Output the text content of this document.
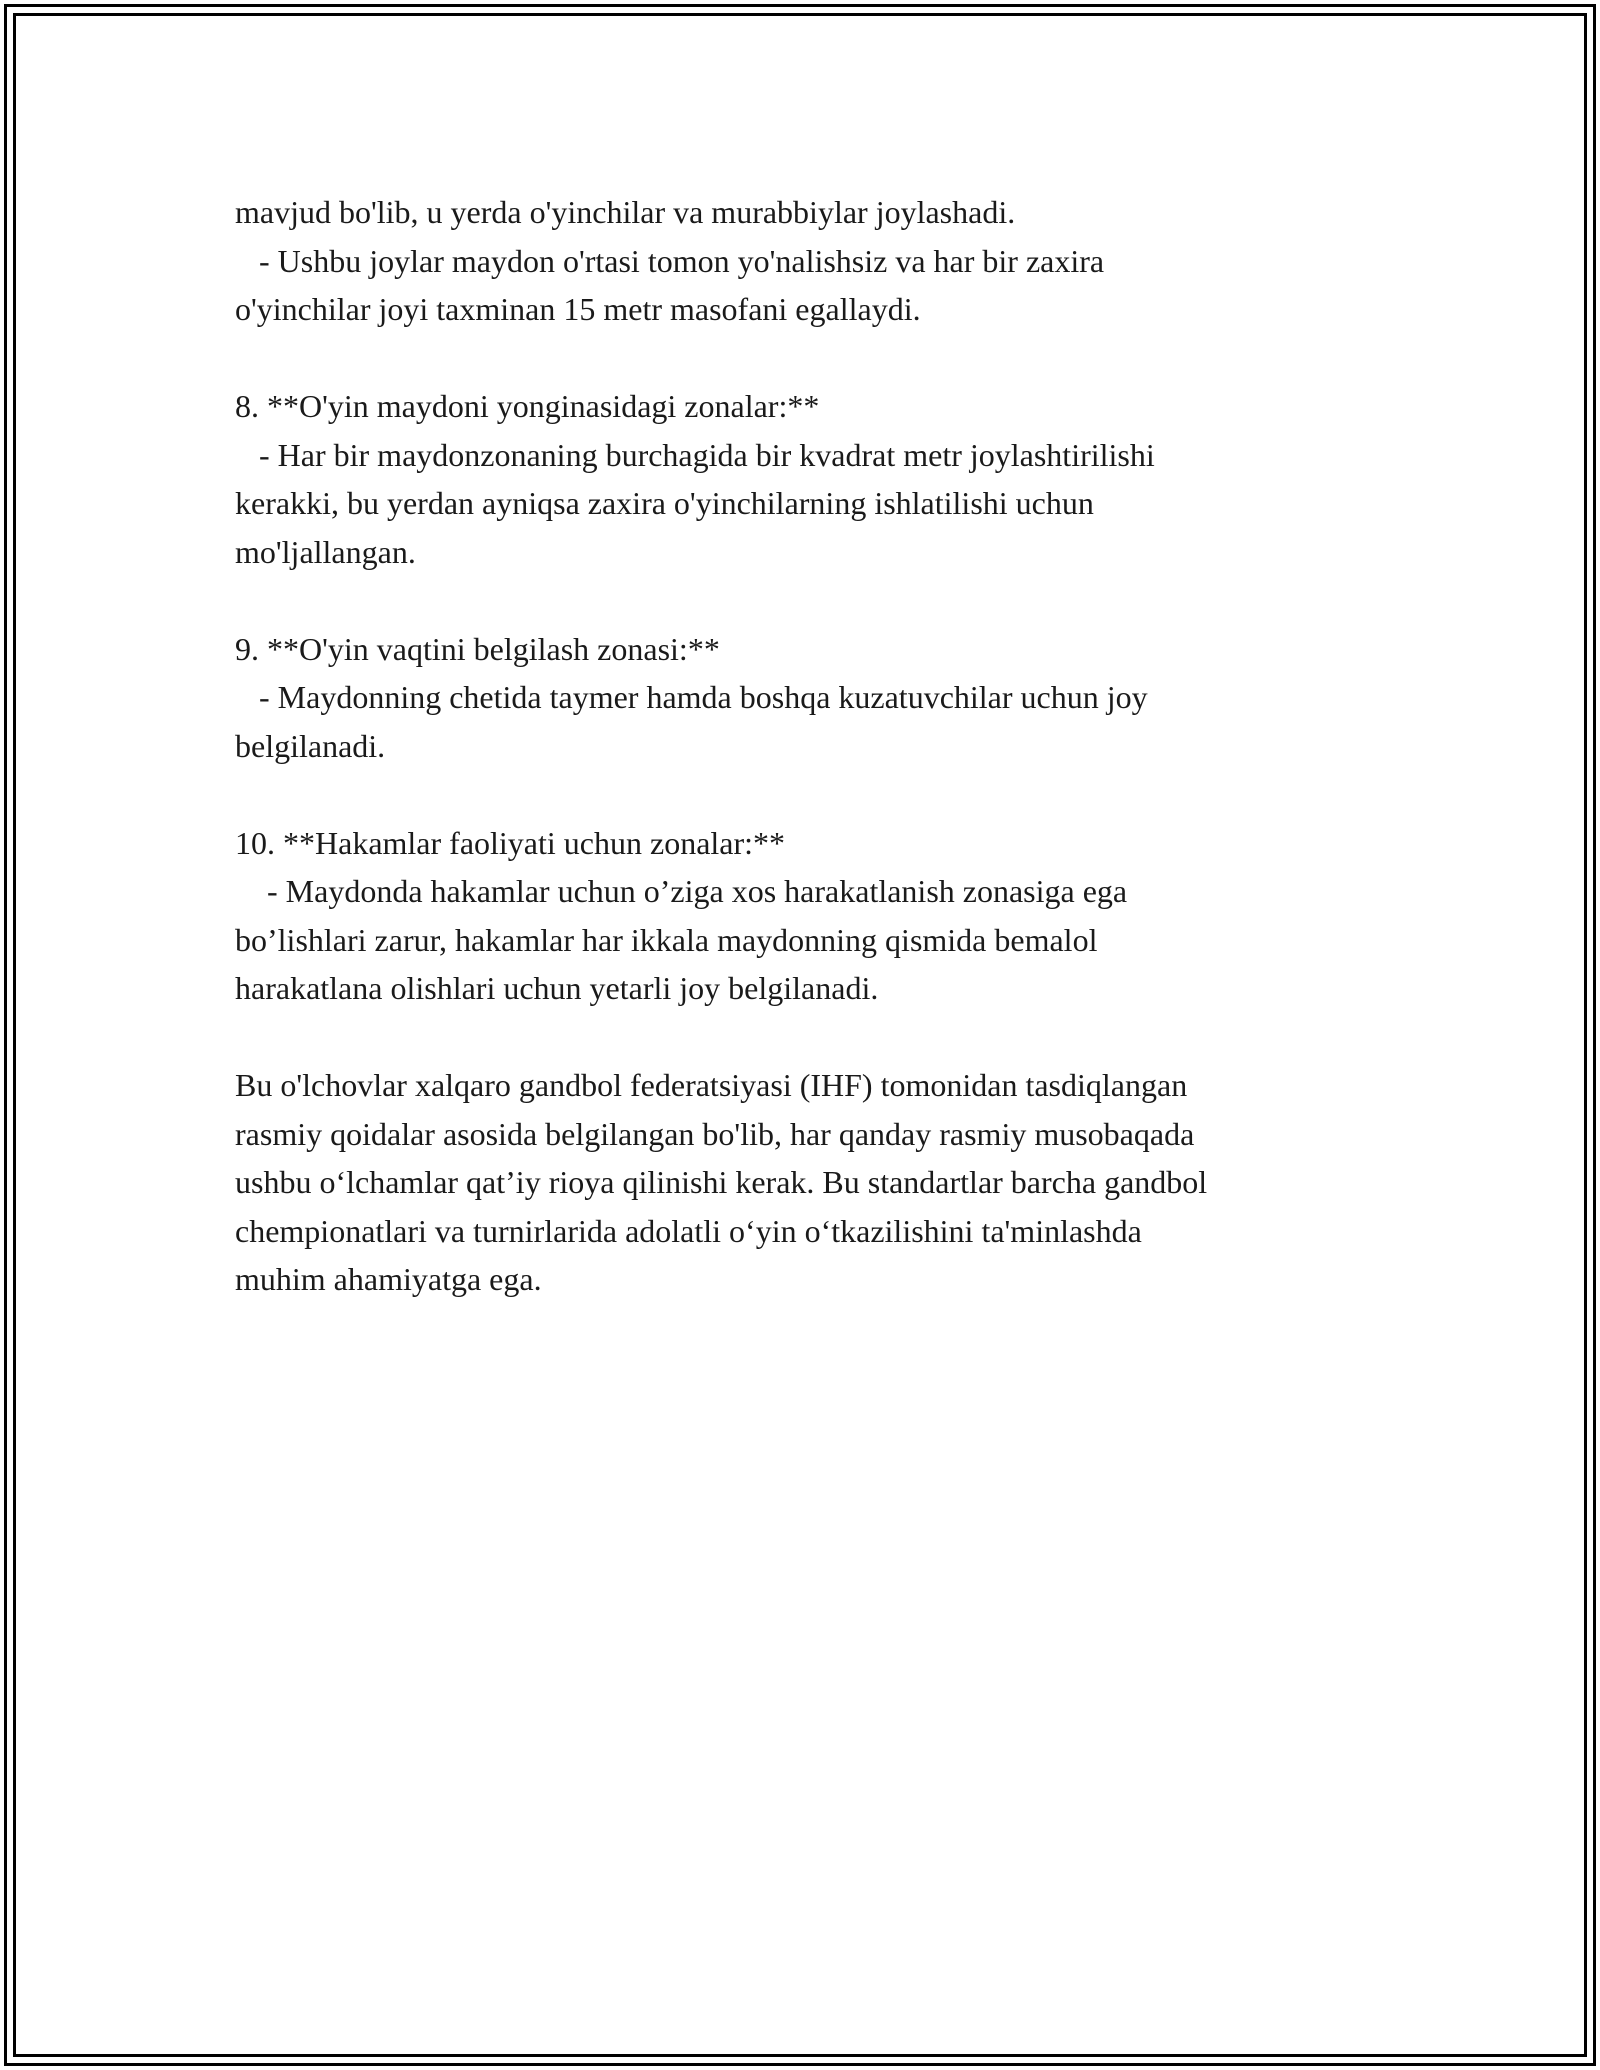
mavjud bo'lib, u yerda o'yinchilar va murabbiylar joylashadi.
- Ushbu joylar maydon o'rtasi tomon yo'nalishsiz va har bir zaxira
o'yinchilar joyi taxminan 15 metr masofani egallaydi.
8. **O'yin maydoni yonginasidagi zonalar:**
- Har bir maydonzonaning burchagida bir kvadrat metr joylashtirilishi
kerakki, bu yerdan ayniqsa zaxira o'yinchilarning ishlatilishi uchun
mo'ljallangan.
9. **O'yin vaqtini belgilash zonasi:**
- Maydonning chetida taymer hamda boshqa kuzatuvchilar uchun joy
belgilanadi.
10. **Hakamlar faoliyati uchun zonalar:**
- Maydonda hakamlar uchun o’ziga xos harakatlanish zonasiga ega
bo’lishlari zarur, hakamlar har ikkala maydonning qismida bemalol
harakatlana olishlari uchun yetarli joy belgilanadi.
Bu o'lchovlar xalqaro gandbol federatsiyasi (IHF) tomonidan tasdiqlangan
rasmiy qoidalar asosida belgilangan bo'lib, har qanday rasmiy musobaqada
ushbu o‘lchamlar qat’iy rioya qilinishi kerak. Bu standartlar barcha gandbol
chempionatlari va turnirlarida adolatli o‘yin o‘tkazilishini ta'minlashda
muhim ahamiyatga ega.
